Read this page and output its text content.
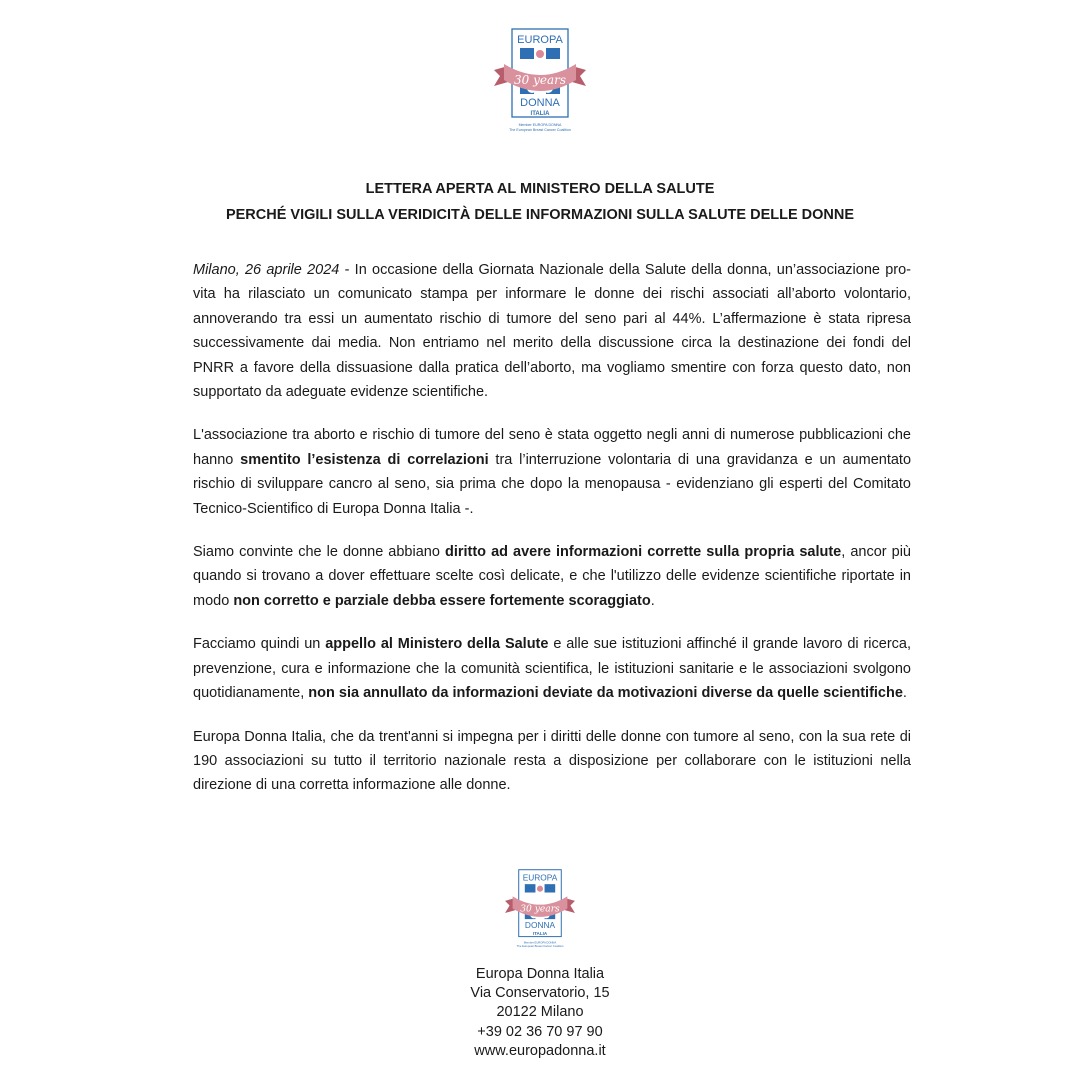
EUROPA
30 years
DONNA
ITALIA
Member EUROPA DONNA
The European Breast Cancer Coalition
LETTERA APERTA AL MINISTERO DELLA SALUTE
PERCHÉ VIGILI SULLA VERIDICITÀ DELLE INFORMAZIONI SULLA SALUTE DELLE DONNE

Milano, 26 aprile 2024 - In occasione della Giornata Nazionale della Salute della donna, un’associazione pro-vita ha rilasciato un comunicato stampa per informare le donne dei rischi associati all’aborto volontario, annoverando tra essi un aumentato rischio di tumore del seno pari al 44%. L’affermazione è stata ripresa successivamente dai media. Non entriamo nel merito della discussione circa la destinazione dei fondi del PNRR a favore della dissuasione dalla pratica dell’aborto, ma vogliamo smentire con forza questo dato, non supportato da adeguate evidenze scientifiche.

L'associazione tra aborto e rischio di tumore del seno è stata oggetto negli anni di numerose pubblicazioni che hanno smentito l’esistenza di correlazioni tra l’interruzione volontaria di una gravidanza e un aumentato rischio di sviluppare cancro al seno, sia prima che dopo la menopausa - evidenziano gli esperti del Comitato Tecnico-Scientifico di Europa Donna Italia -.

Siamo convinte che le donne abbiano diritto ad avere informazioni corrette sulla propria salute, ancor più quando si trovano a dover effettuare scelte così delicate, e che l'utilizzo delle evidenze scientifiche riportate in modo non corretto e parziale debba essere fortemente scoraggiato.

Facciamo quindi un appello al Ministero della Salute e alle sue istituzioni affinché il grande lavoro di ricerca, prevenzione, cura e informazione che la comunità scientifica, le istituzioni sanitarie e le associazioni svolgono quotidianamente, non sia annullato da informazioni deviate da motivazioni diverse da quelle scientifiche.

Europa Donna Italia, che da trent'anni si impegna per i diritti delle donne con tumore al seno, con la sua rete di 190 associazioni su tutto il territorio nazionale resta a disposizione per collaborare con le istituzioni nella direzione di una corretta informazione alle donne.

EUROPA
30 years
DONNA
ITALIA
Member EUROPA DONNA
The European Breast Cancer Coalition
Europa Donna Italia
Via Conservatorio, 15
20122 Milano
+39 02 36 70 97 90
www.europadonna.it
